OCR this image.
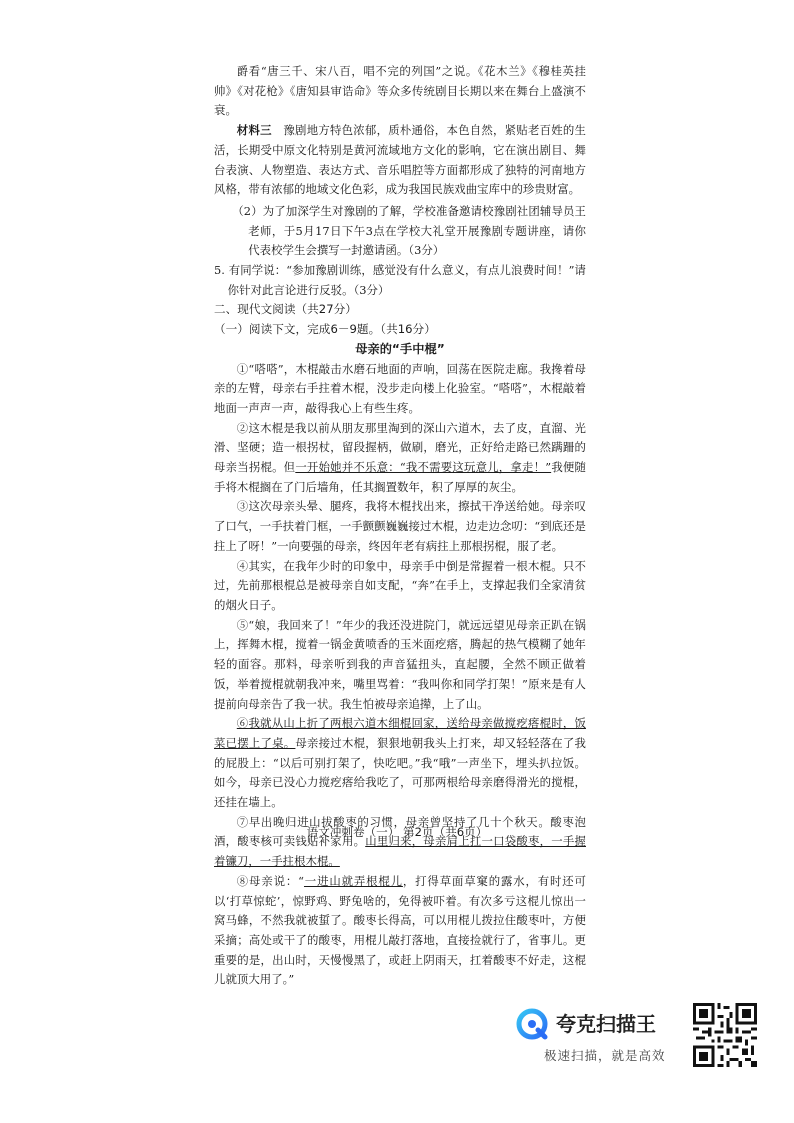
爵看“唐三千、宋八百，唱不完的列国”之说。《花木兰》《穆桂英挂帅》《对花枪》《唐知县审诰命》等众多传统剧目长期以来在舞台上盛演不衰。

材料三　 豫剧地方特色浓郁，质朴通俗，本色自然，紧贴老百姓的生活，长期受中原文化特别是黄河流域地方文化的影响，它在演出剧目、舞台表演、人物塑造、表达方式、音乐唱腔等方面都形成了独特的河南地方风格，带有浓郁的地域文化色彩，成为我国民族戏曲宝库中的珍贵财富。

（2）为了加深学生对豫剧的了解，学校准备邀请校豫剧社团辅导员王老师，于5月17日下午3点在学校大礼堂开展豫剧专题讲座，请你代表校学生会撰写一封邀请函。（3分）

5. 有同学说：“参加豫剧训练，感觉没有什么意义，有点儿浪费时间！”请你针对此言论进行反驳。（3分）

二、现代文阅读（共27分）

（一）阅读下文，完成6－9题。（共16分）

母亲的“手中棍”

①“嗒嗒”，木棍敲击水磨石地面的声响，回荡在医院走廊。我搀着母亲的左臂，母亲右手拄着木棍，没步走向楼上化验室。“嗒嗒”，木棍敲着地面一声声一声，敲得我心上有些生疼。

②这木棍是我以前从朋友那里淘到的深山六道木，去了皮，直溜、光滑、坚硬；造一根拐杖，留段握柄，做刷，磨光，正好给走路已然蹒跚的母亲当拐棍。但一开始她并不乐意：“我不需要这玩意儿，拿走！”我便随手将木棍搁在了门后墙角，任其搁置数年，积了厚厚的灰尘。

③这次母亲头晕、腿疼，我将木棍找出来，擦拭干净送给她。母亲叹了口气，一手扶着门框，一手颤颤巍巍接过木棍，边走边念叨：“到底还是拄上了呀！”一向要强的母亲，终因年老有病拄上那根拐棍，服了老。

④其实，在我年少时的印象中，母亲手中倒是常握着一根木棍。只不过，先前那根棍总是被母亲自如支配，“奔”在手上，支撑起我们全家清贫的烟火日子。

⑤“娘，我回来了！”年少的我还没进院门，就远远望见母亲正趴在锅上，挥舞木棍，搅着一锅金黄喷香的玉米面疙瘩，腾起的热气模糊了她年轻的面容。那料，母亲听到我的声音猛扭头，直起腰，全然不顾正做着饭，举着搅棍就朝我冲来，嘴里骂着：“我叫你和同学打架！”原来是有人提前向母亲告了我一状。我生怕被母亲追撵，上了山。

⑥我就从山上折了两根六道木细棍回家，送给母亲做搅疙瘩棍时，饭菜已摆上了桌。母亲接过木棍，狠狠地朝我头上打来，却又轻轻落在了我的屁股上：“以后可别打架了，快吃吧。”我“哦”一声坐下，埋头扒拉饭。如今，母亲已没心力搅疙瘩给我吃了，可那两根给母亲磨得滑光的搅棍，还挂在墙上。

⑦早出晚归进山拔酸枣的习惯，母亲曾坚持了几十个秋天。酸枣泡酒，酸枣核可卖钱贴补家用。山里归来，母亲肩上扛一口袋酸枣，一手握着镰刀，一手拄根木棍。

⑧母亲说：“一进山就弄根棍儿，打得草面草窠的露水，有时还可以‘打草惊蛇’，惊野鸡、野兔啥的，免得被吓着。有次多亏这棍儿惊出一窝马蜂，不然我就被蜇了。酸枣长得高，可以用棍儿拨拉住酸枣叶，方便采摘；高处或干了的酸枣，用棍儿敲打落地，直接捡就行了，省事儿。更重要的是，出山时，天慢慢黑了，或赶上阴雨天，扛着酸枣不好走，这棍儿就顶大用了。”

语文冲刺卷（一） 第2页（共6页）
夸克扫描王
极速扫描，就是高效
